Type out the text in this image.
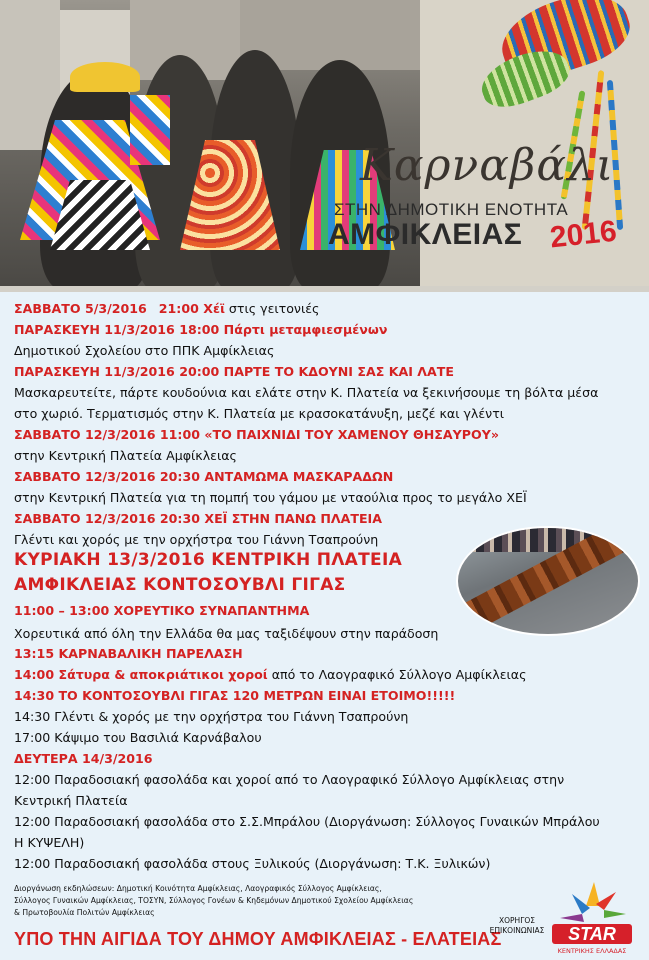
Καρναβάλι
ΣΤΗΝ ΔΗΜΟΤΙΚΗ ΕΝΟΤΗΤΑ
ΑΜΦΙΚΛΕΙΑΣ 2016
ΣΑΒΒΑΤΟ 5/3/2016 21:00 Χέϊ στις γειτονιές
ΠΑΡΑΣΚΕΥΗ 11/3/2016 18:00 Πάρτι μεταμφιεσμένων
Δημοτικού Σχολείου στο ΠΠΚ Αμφίκλειας
ΠΑΡΑΣΚΕΥΗ 11/3/2016 20:00 ΠΑΡΤΕ ΤΟ ΚΔΟΥΝΙ ΣΑΣ ΚΑΙ ΛΑΤΕ
Μασκαρευτείτε, πάρτε κουδούνια και ελάτε στην Κ. Πλατεία να ξεκινήσουμε τη βόλτα μέσα
στο χωριό. Τερματισμός στην Κ. Πλατεία με κρασοκατάνυξη, μεζέ και γλέντι
ΣΑΒΒΑΤΟ 12/3/2016 11:00 «ΤΟ ΠΑΙΧΝΙΔΙ ΤΟΥ ΧΑΜΕΝΟΥ ΘΗΣΑΥΡΟΥ»
στην Κεντρική Πλατεία Αμφίκλειας
ΣΑΒΒΑΤΟ 12/3/2016 20:30 ΑΝΤΑΜΩΜΑ ΜΑΣΚΑΡΑΔΩΝ
στην Κεντρική Πλατεία για τη πομπή του γάμου με νταούλια προς το μεγάλο ΧΕΪ
ΣΑΒΒΑΤΟ 12/3/2016 20:30 ΧΕΪ ΣΤΗΝ ΠΑΝΩ ΠΛΑΤΕΙΑ
Γλέντι και χορός με την ορχήστρα του Γιάννη Τσαπρούνη
ΚΥΡΙΑΚΗ 13/3/2016 ΚΕΝΤΡΙΚΗ ΠΛΑΤΕΙΑ
ΑΜΦΙΚΛΕΙΑΣ ΚΟΝΤΟΣΟΥΒΛΙ ΓΙΓΑΣ
11:00 – 13:00 ΧΟΡΕΥΤΙΚΟ ΣΥΝΑΠΑΝΤΗΜΑ
Χορευτικά από όλη την Ελλάδα θα μας ταξιδέψουν στην παράδοση
13:15 ΚΑΡΝΑΒΑΛΙΚΗ ΠΑΡΕΛΑΣΗ
14:00 Σάτυρα & αποκριάτικοι χοροί από το Λαογραφικό Σύλλογο Αμφίκλειας
14:30 ΤΟ ΚΟΝΤΟΣΟΥΒΛΙ ΓΙΓΑΣ 120 ΜΕΤΡΩΝ ΕΙΝΑΙ ΕΤΟΙΜΟ!!!!!
14:30 Γλέντι & χορός με την ορχήστρα του Γιάννη Τσαπρούνη
17:00 Κάψιμο του Βασιλιά Καρνάβαλου
ΔΕΥΤΕΡΑ 14/3/2016
12:00 Παραδοσιακή φασολάδα και χοροί από το Λαογραφικό Σύλλογο Αμφίκλειας στην
Κεντρική Πλατεία
12:00 Παραδοσιακή φασολάδα στο Σ.Σ.Μπράλου (Διοργάνωση: Σύλλογος Γυναικών Μπράλου
Η ΚΥΨΕΛΗ)
12:00 Παραδοσιακή φασολάδα στους Ξυλικούς (Διοργάνωση: Τ.Κ. Ξυλικών)
Διοργάνωση εκδηλώσεων: Δημοτική Κοινότητα Αμφίκλειας, Λαογραφικός Σύλλογος Αμφίκλειας,
Σύλλογος Γυναικών Αμφίκλειας, ΤΟΣΥΝ, Σύλλογος Γονέων & Κηδεμόνων Δημοτικού Σχολείου Αμφίκλειας
& Πρωτοβουλία Πολιτών Αμφίκλειας
ΥΠΟ ΤΗΝ ΑΙΓΙΔΑ ΤΟΥ ΔΗΜΟΥ ΑΜΦΙΚΛΕΙΑΣ - ΕΛΑΤΕΙΑΣ
ΧΟΡΗΓΟΣ
ΕΠΙΚΟΙΝΩΝΙΑΣ STAR
ΚΕΝΤΡΙΚΗΣ ΕΛΛΑΔΑΣ
